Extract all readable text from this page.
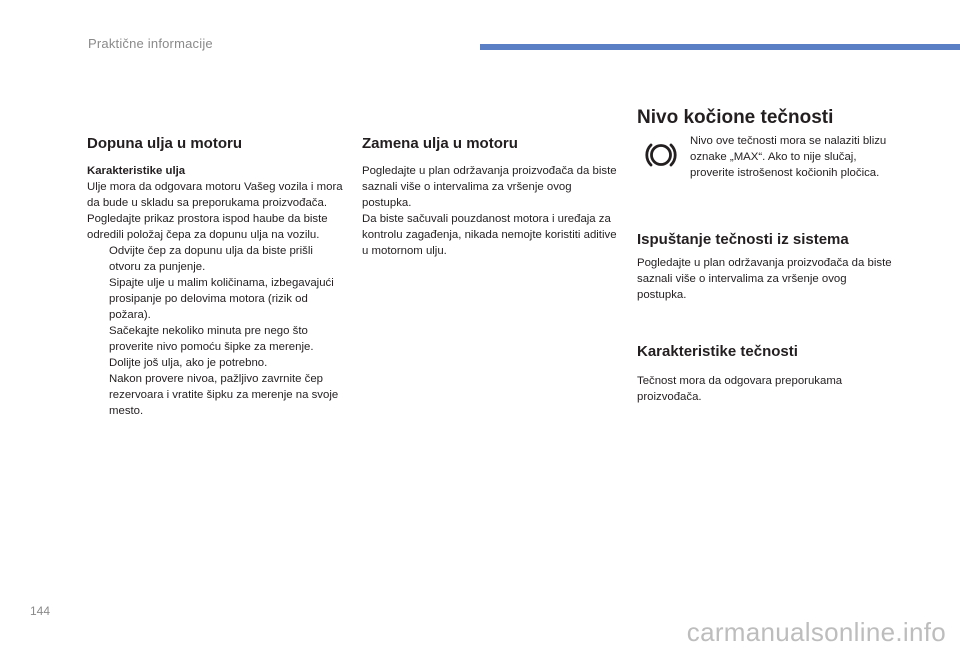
Praktične informacije
Dopuna ulja u motoru
Karakteristike ulja

Ulje mora da odgovara motoru Vašeg vozila i mora da bude u skladu sa preporukama proizvođača.

Pogledajte prikaz prostora ispod haube da biste odredili položaj čepa za dopunu ulja na vozilu.

Odvijte čep za dopunu ulja da biste prišli otvoru za punjenje.
Sipajte ulje u malim količinama, izbegavajući prosipanje po delovima motora (rizik od požara).
Sačekajte nekoliko minuta pre nego što proverite nivo pomoću šipke za merenje.
Dolijte još ulja, ako je potrebno.
Nakon provere nivoa, pažljivo zavrnite čep rezervoara i vratite šipku za merenje na svoje mesto.
Zamena ulja u motoru

Pogledajte u plan održavanja proizvođača da biste saznali više o intervalima za vršenje ovog postupka.

Da biste sačuvali pouzdanost motora i uređaja za kontrolu zagađenja, nikada nemojte koristiti aditive u motornom ulju.

Nivo kočione tečnosti

Nivo ove tečnosti mora se nalaziti blizu oznake „MAX“. Ako to nije slučaj, proverite istrošenost kočionih pločica.

Ispuštanje tečnosti iz sistema

Pogledajte u plan održavanja proizvođača da biste saznali više o intervalima za vršenje ovog postupka.

Karakteristike tečnosti

Tečnost mora da odgovara preporukama proizvođača.

144
carmanualsonline.info
